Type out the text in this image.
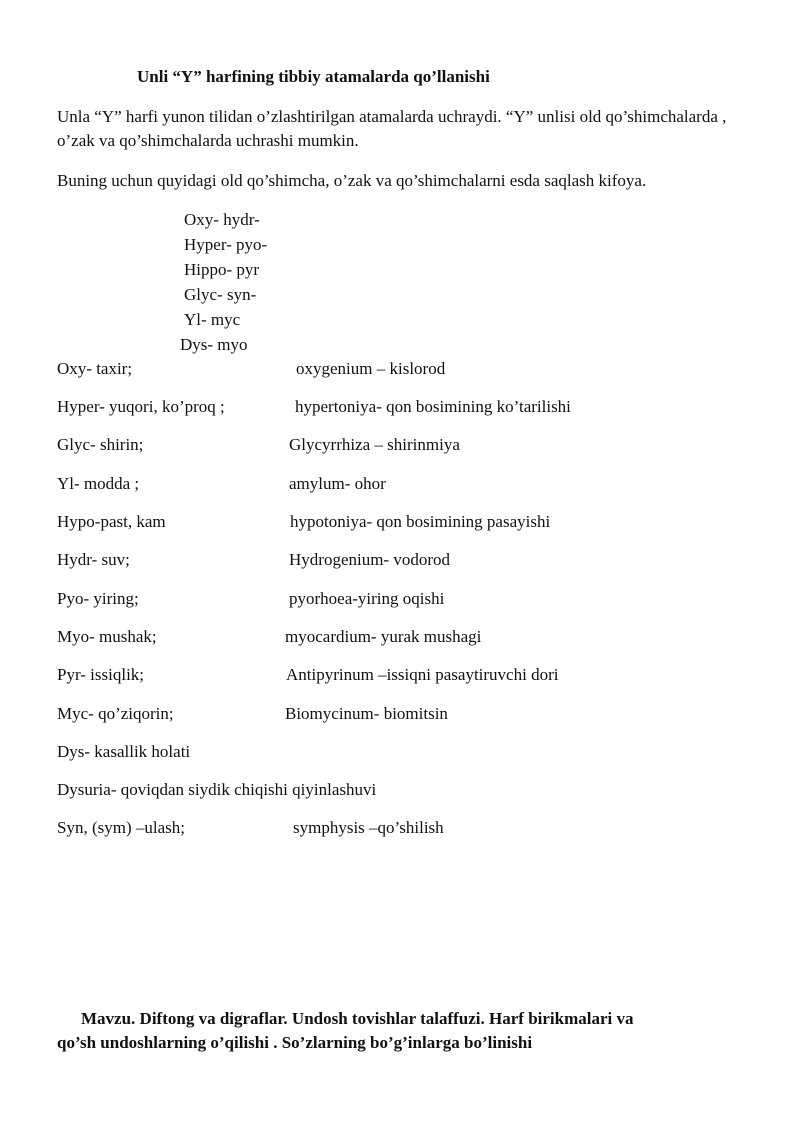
Unli “Y” harfining tibbiy atamalarda qo’llanishi
Unla “Y” harfi yunon tilidan o’zlashtirilgan atamalarda uchraydi. “Y” unlisi old qo’shimchalarda , o’zak va qo’shimchalarda uchrashi mumkin.
Buning uchun quyidagi old qo’shimcha, o’zak va qo’shimchalarni esda saqlash kifoya.
Oxy- hydr-
Hyper- pyo-
Hippo- pyr
Glyc- syn-
Yl- myc
Dys- myo
Oxy- taxir;	oxygenium – kislorod
Hyper- yuqori, ko’proq ;	hypertoniya- qon bosimining ko’tarilishi
Glyc- shirin;	Glycyrrhiza – shirinmiya
Yl- modda ;	amylum- ohor
Hypo-past, kam	hypotoniya- qon bosimining pasayishi
Hydr- suv;	Hydrogenium- vodorod
Pyo- yiring;	pyorhoea-yiring oqishi
Myo- mushak;	myocardium- yurak mushagi
Pyr- issiqlik;	Antipyrinum –issiqni pasaytiruvchi dori
Myc- qo’ziqorin;	Biomycinum- biomitsin
Dys- kasallik holati
Dysuria- qoviqdan siydik chiqishi qiyinlashuvi
Syn, (sym) –ulash;	symphysis –qo’shilish
Mavzu. Diftong va digraflar. Undosh tovishlar talaffuzi. Harf birikmalari va
qo’sh undoshlarning o’qilishi . So’zlarning bo’g’inlarga bo’linishi
